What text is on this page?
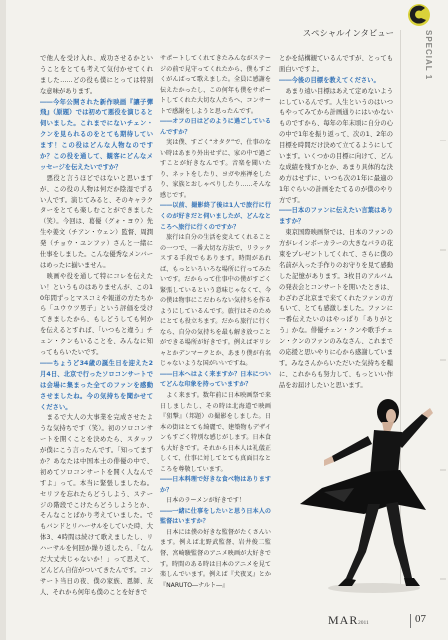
SPECIAL 1
スペシャルインタビュー

で他人を受け入れ、成功させるかということをとても考えて気付かせてくれました……どの役も僕にとっては特別な意味があります。

――今年公開された新作映画『讓子彈飛』（原題）では初めて悪役を演じると伺いました。これまでにないチェン・クンを見られるのをとても期待しています！この役はどんな人物なのですか？この役を通して、観客にどんなメッセージを伝えたいですか？

　悪役と言うほどではないと思いますが、この役の人物は何だか陰湿でずるい人です。演じてみると、そのキャラクターをとても楽しむことができました（笑）。今回は、葛優（グォ・ヨウ）先生や姜文（チアン・ウェン）監督、周潤発（チョウ・ユンファ）さんと一緒に仕事をしました。こんな優秀なメンバーはめったに揃いません。

　映画や役を通して特にコレを伝えたい！というものはありませんが、この10年間ずっとマスコミや報道の方たちから「ユウウツ男子」という評価を受けてきましたから、もしどうしても何かを伝えるとすれば、「いつもと違う」チェン・クンもいることを、みんなに知ってもらいたいです。

――ちょうど34歳の誕生日を迎えた2月4日、北京で行ったソロコンサートでは会場に集まった全てのファンを感動させましたね。今の気持ちを聞かせてください。

　まるで大人の大事業を完成させたような気持ちです（笑）。初のソロコンサートを開くことを決めたら、スタッフが僕にこう言ったんです。「知ってますか？あなたは中国本土の俳優の中で、初めてソロコンサートを開く人なんですよ」って。本当に緊張しましたね。セリフを忘れたらどうしよう、ステージの階段でこけたらどうしようとか、そんなことばかり考えていました。でもバンドとリハーサルをしていた時、大体3、4時間は続けて歌えましたし、リハーサルを何回か繰り返したら、「なんだ大丈夫じゃないか！」って思えて、どんどん自信がついてきたんです。コンサート当日の夜、僕の家族、恩師、友人、それから何年も僕のことを好きで

サポートしてくれてきたみんながステージの前で見守ってくれたから、僕もすごくがんばって歌えました。全員に感謝を伝えたかったし、この何年も僕をサポートしてくれた大切な人たちへ、コンサートで感謝をしようと思ったんです。

――オフの日はどのように過ごしているんですか？

　実は僕、すごく“オタク”で、仕事のない時はあまり外出せずに、家の中で過ごすことが好きなんです。音楽を聞いたり、ネットをしたり、ヨガや座禅をしたり、家族とおしゃべりしたり……そんな感じです。

――以前、撮影終了後は1人で旅行に行くのが好きだと伺いましたが、どんなところへ旅行に行くのですか？

　旅行は自分の生活を変えてくれることの一つで、一番大切な方法で、リラックスする手段でもあります。時間があれば、もっといろいろな場所に行ってみたいです。だからって仕事中の僕がすごく緊張しているという意味じゃなくて、今の僕は物事にこだわらない気持ちを作るようにしているんです。旅行はそのためにとても役立ちます。だから旅行に行くなら、自分の気持ちを最も解き放つことができる場所が好きです。例えばギリシャとかデンマークとか、あまり僕が有名じゃないような国がいいですね。

――日本へはよく来ますか？日本についてどんな印象を持っていますか？

　よく来ます。数年前に日本映画祭で来日しましたし、その時は北海道で映画『狙撃』（邦題）の撮影をしました。日本の街はとても綺麗で、建築物もデザインもすごく特別な感じがします。日本食も大好きです。それから日本人は礼儀正しくて、仕事に対してとても真面目なところを尊敬しています。

――日本料理で好きな食べ物はありますか？

　日本のラーメンが好きです！

――一緒に仕事をしたいと思う日本人の監督はいますか？

　日本には僕の好きな監督がたくさんいます。例えば北野武監督、岩井俊二監督、宮崎駿監督のアニメ映画が大好きです。時間のある時は日本のアニメを見て楽しんでいます。例えば『犬夜叉』とか『NARUTO―ナルト―』

とかを結構観ているんですが、とっても面白いですよ。

――今後の目標を教えてください。

　あまり遠い目標はあえて定めないようにしているんです。人生というのはいつもやってみてから計画通りにはいかないものですから、毎年の年末頃に自分の心の中で1年を振り返って、次の1、2年の目標を時間だけ決めて立てるようにしています。いくつかの目標に向けて、どんな成績を残すかとか、あまり具体的な決め方はせずに、いつも次の1年に最適の1年ぐらいの計画をたてるのが僕のやり方です。

――日本のファンに伝えたい言葉はありますか？

　東京国際映画祭では、日本のファンの方がレインボーカラーの大きなバラの花束をプレゼントしてくれて、さらに僕の名前が入った手作りのお守りを見て感動した記憶があります。3枚目のアルバムの発表会とコンサートを開いたときは、わざわざ北京まで来てくれたファンの方もいて、とても感激しました。ファンに一番伝えたいのはやっぱり「ありがとう」かな。俳優チェン・クンや歌手チェン・クンのファンのみなさん、これまでの応援と思いやりに心から感謝しています。みなさんからいただいた気持ちを糧に、これからも努力して、もっといい作品をお届けしたいと思います。

MAR 2011	07
